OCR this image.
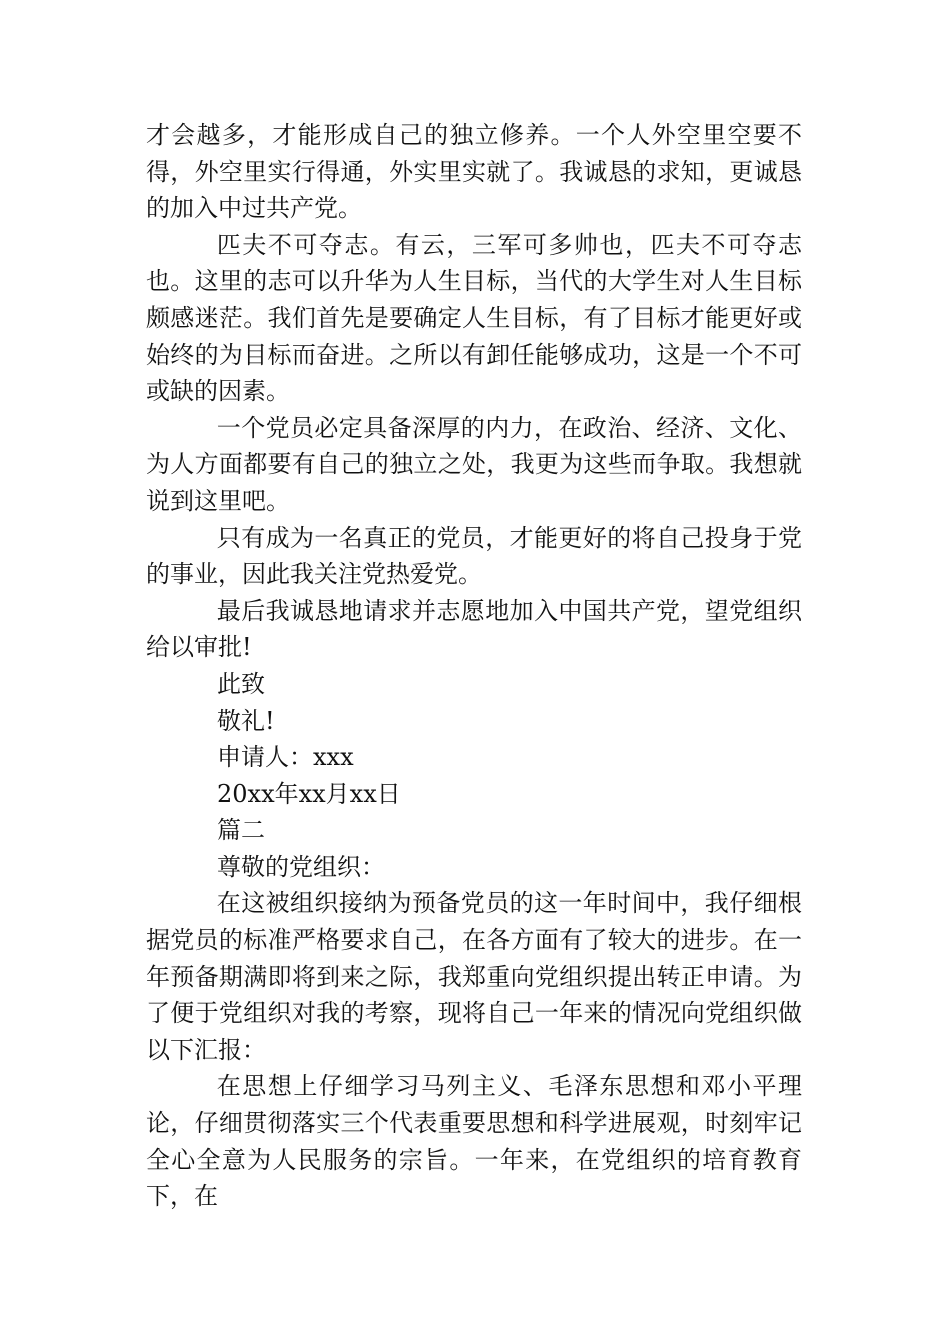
才会越多，才能形成自己的独立修养。一个人外空里空要不得，外空里实行得通，外实里实就了。我诚恳的求知，更诚恳的加入中过共产党。

匹夫不可夺志。有云，三军可多帅也，匹夫不可夺志也。这里的志可以升华为人生目标，当代的大学生对人生目标颇感迷茫。我们首先是要确定人生目标，有了目标才能更好或始终的为目标而奋进。之所以有卸任能够成功，这是一个不可或缺的因素。

一个党员必定具备深厚的内力，在政治、经济、文化、为人方面都要有自己的独立之处，我更为这些而争取。我想就说到这里吧。

只有成为一名真正的党员，才能更好的将自己投身于党的事业，因此我关注党热爱党。

最后我诚恳地请求并志愿地加入中国共产党，望党组织给以审批!

此致

敬礼!

申请人：xxx

20xx年xx月xx日

篇二

尊敬的党组织：

在这被组织接纳为预备党员的这一年时间中，我仔细根据党员的标准严格要求自己，在各方面有了较大的进步。在一年预备期满即将到来之际，我郑重向党组织提出转正申请。为了便于党组织对我的考察，现将自己一年来的情况向党组织做以下汇报：

在思想上仔细学习马列主义、毛泽东思想和邓小平理论，仔细贯彻落实三个代表重要思想和科学进展观，时刻牢记全心全意为人民服务的宗旨。一年来，在党组织的培育教育下，在
